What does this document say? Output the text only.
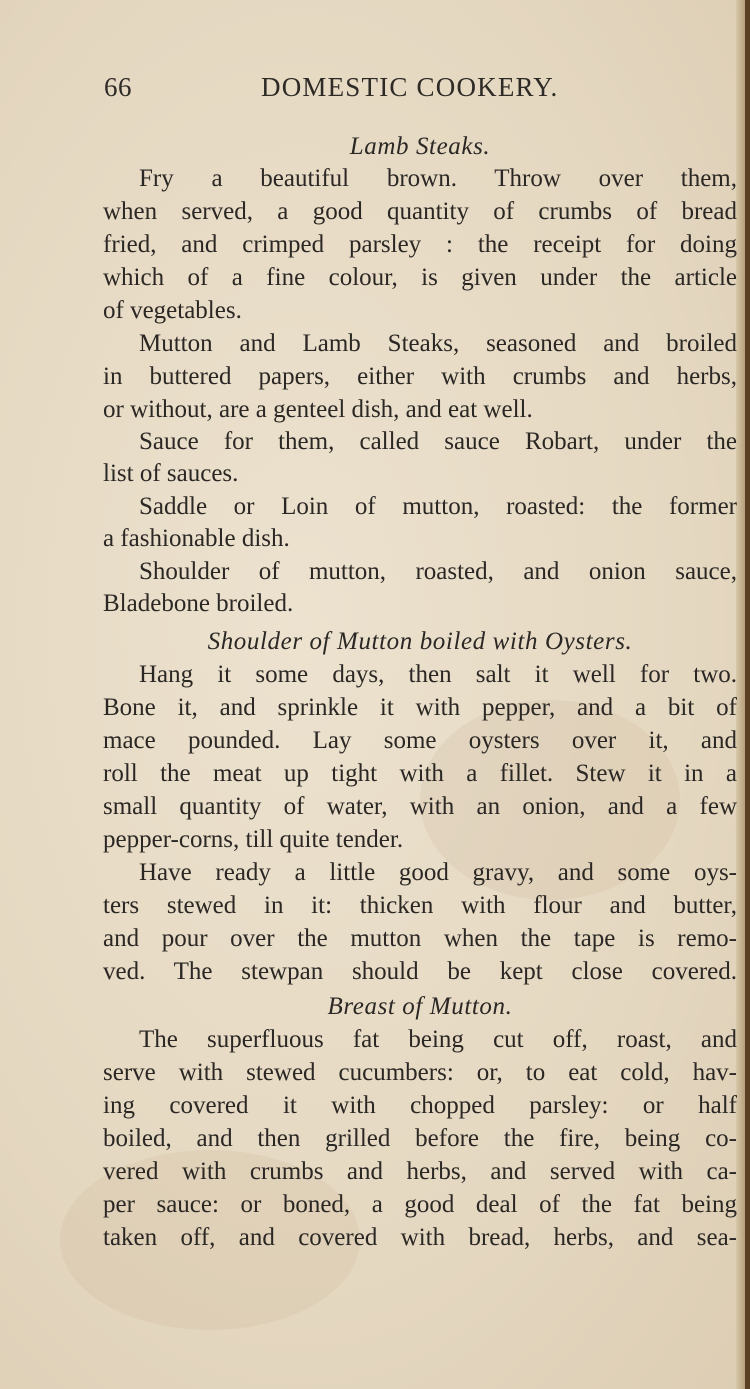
66	DOMESTIC COOKERY.
Lamb Steaks.
Fry a beautiful brown. Throw over them,
when served, a good quantity of crumbs of bread
fried, and crimped parsley : the receipt for doing
which of a fine colour, is given under the article
of vegetables.
Mutton and Lamb Steaks, seasoned and broiled
in buttered papers, either with crumbs and herbs,
or without, are a genteel dish, and eat well.
Sauce for them, called sauce Robart, under the
list of sauces.
Saddle or Loin of mutton, roasted: the former
a fashionable dish.
Shoulder of mutton, roasted, and onion sauce,
Bladebone broiled.
Shoulder of Mutton boiled with Oysters.
Hang it some days, then salt it well for two.
Bone it, and sprinkle it with pepper, and a bit of
mace pounded. Lay some oysters over it, and
roll the meat up tight with a fillet. Stew it in a
small quantity of water, with an onion, and a few
pepper-corns, till quite tender.
Have ready a little good gravy, and some oys-
ters stewed in it: thicken with flour and butter,
and pour over the mutton when the tape is remo-
ved. The stewpan should be kept close covered.
Breast of Mutton.
The superfluous fat being cut off, roast, and
serve with stewed cucumbers: or, to eat cold, hav-
ing covered it with chopped parsley: or half
boiled, and then grilled before the fire, being co-
vered with crumbs and herbs, and served with ca-
per sauce: or boned, a good deal of the fat being
taken off, and covered with bread, herbs, and sea-
